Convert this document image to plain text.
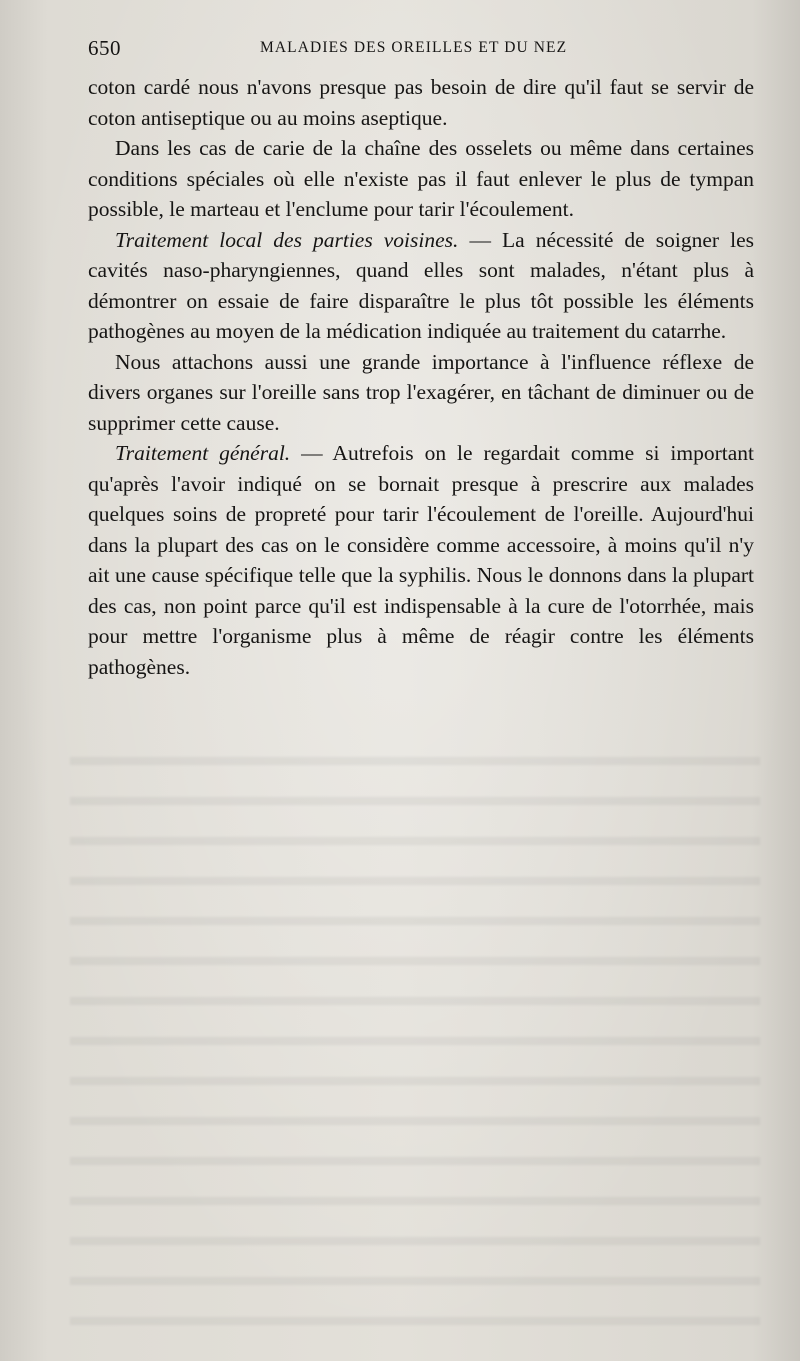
650	MALADIES DES OREILLES ET DU NEZ

coton cardé nous n'avons presque pas besoin de dire qu'il faut se servir de coton antiseptique ou au moins aseptique.

Dans les cas de carie de la chaîne des osselets ou même dans certaines conditions spéciales où elle n'existe pas il faut enlever le plus de tympan possible, le marteau et l'enclume pour tarir l'écoulement.

Traitement local des parties voisines. — La nécessité de soigner les cavités naso-pharyngiennes, quand elles sont malades, n'étant plus à démontrer on essaie de faire disparaître le plus tôt possible les éléments pathogènes au moyen de la médication indiquée au traitement du catarrhe.

Nous attachons aussi une grande importance à l'influence réflexe de divers organes sur l'oreille sans trop l'exagérer, en tâchant de diminuer ou de supprimer cette cause.

Traitement général. — Autrefois on le regardait comme si important qu'après l'avoir indiqué on se bornait presque à prescrire aux malades quelques soins de propreté pour tarir l'écoulement de l'oreille. Aujourd'hui dans la plupart des cas on le considère comme accessoire, à moins qu'il n'y ait une cause spécifique telle que la syphilis. Nous le donnons dans la plupart des cas, non point parce qu'il est indispensable à la cure de l'otorrhée, mais pour mettre l'organisme plus à même de réagir contre les éléments pathogènes.
